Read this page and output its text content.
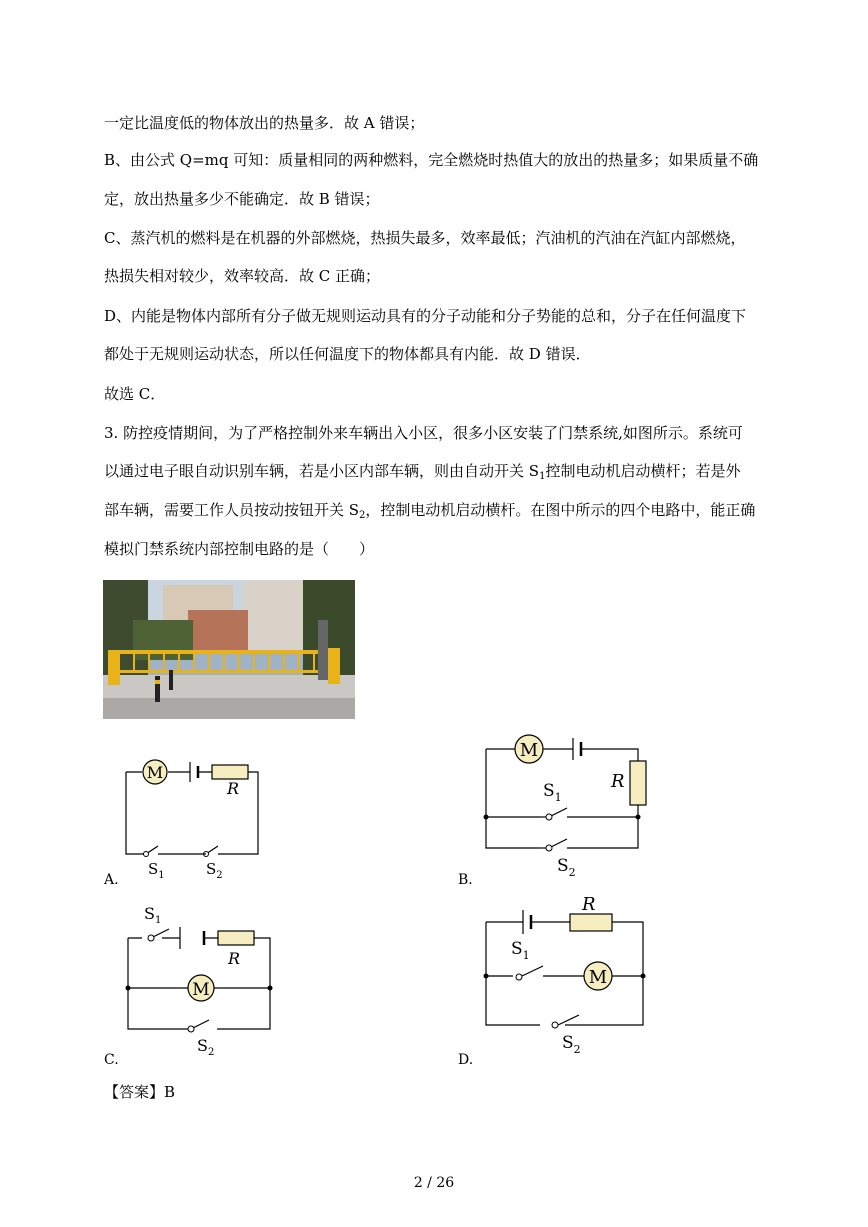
一定比温度低的物体放出的热量多．故 A 错误；
B、由公式 Q=mq 可知：质量相同的两种燃料，完全燃烧时热值大的放出的热量多；如果质量不确
定，放出热量多少不能确定．故 B 错误；
C、蒸汽机的燃料是在机器的外部燃烧，热损失最多，效率最低；汽油机的汽油在汽缸内部燃烧，
热损失相对较少，效率较高．故 C 正确；
D、内能是物体内部所有分子做无规则运动具有的分子动能和分子势能的总和，分子在任何温度下
都处于无规则运动状态，所以任何温度下的物体都具有内能．故 D 错误．
故选 C．
3. 防控疫情期间，为了严格控制外来车辆出入小区，很多小区安装了门禁系统,如图所示。系统可
以通过电子眼自动识别车辆，若是小区内部车辆，则由自动开关 $S_1$控制电动机启动横杆；若是外
部车辆，需要工作人员按动按钮开关 $S_2$，控制电动机启动横杆。在图中所示的四个电路中，能正确
模拟门禁系统内部控制电路的是（　　）
M
R
$S_1$	$S_2$
A.
M
R
$S_1$
$S_2$
B.
M
R
$S_1$
$S_2$
C.
M
R
$S_1$
$S_2$
D.
【答案】B
2 / 26
